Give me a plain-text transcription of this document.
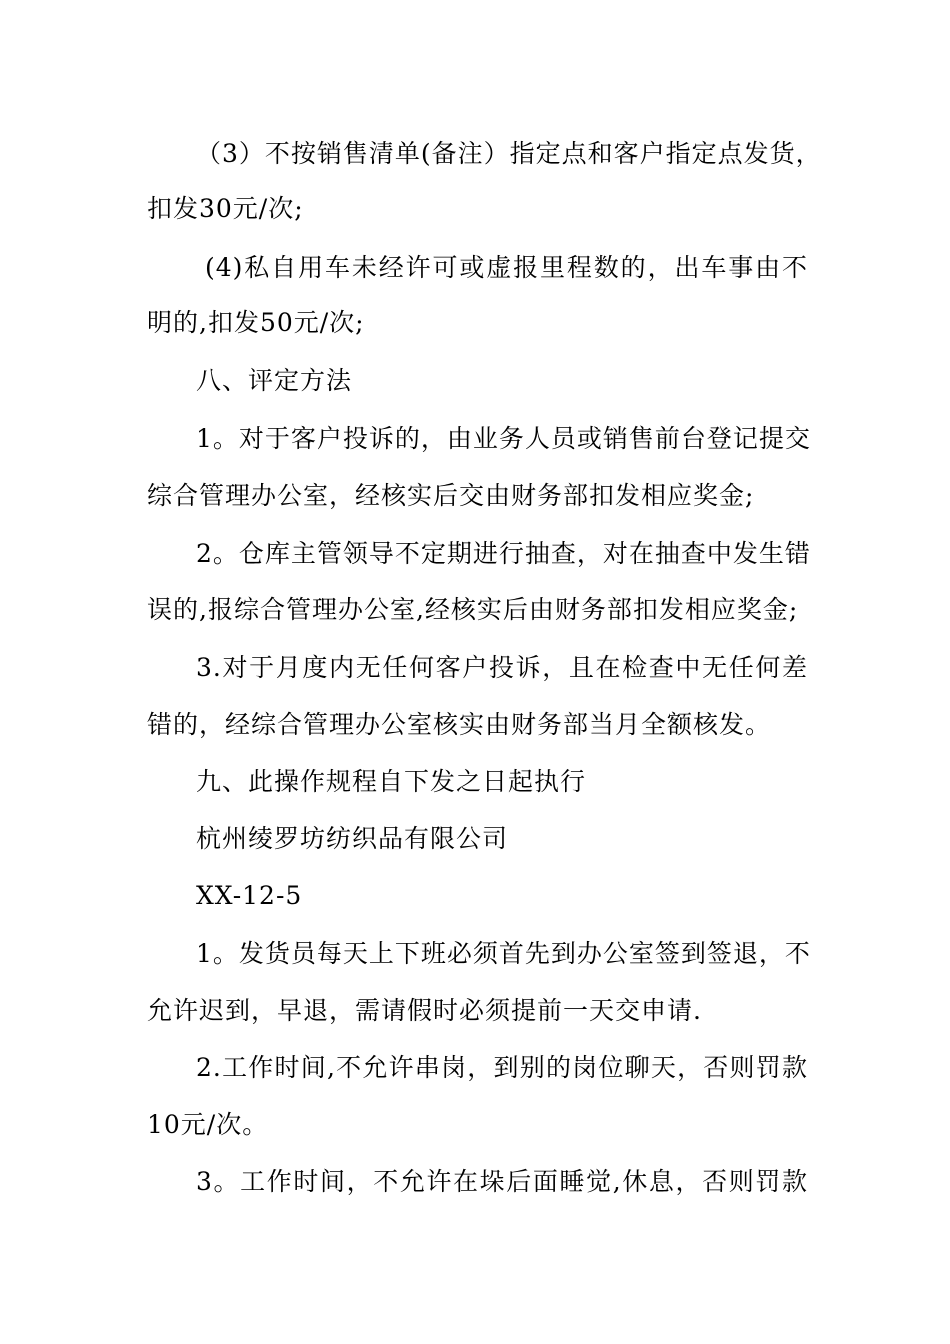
（3）不按销售清单(备注）指定点和客户指定点发货，
扣发30元/次;
(4)私自用车未经许可或虚报里程数的，出车事由不
明的,扣发50元/次;
八、评定方法
1。对于客户投诉的，由业务人员或销售前台登记提交
综合管理办公室，经核实后交由财务部扣发相应奖金;
2。仓库主管领导不定期进行抽查，对在抽查中发生错
误的,报综合管理办公室,经核实后由财务部扣发相应奖金;
3.对于月度内无任何客户投诉，且在检查中无任何差
错的，经综合管理办公室核实由财务部当月全额核发。
九、此操作规程自下发之日起执行
杭州绫罗坊纺织品有限公司
XX-12-5
1。发货员每天上下班必须首先到办公室签到签退，不
允许迟到，早退，需请假时必须提前一天交申请.
2.工作时间,不允许串岗，到别的岗位聊天，否则罚款
10元/次。
3。工作时间，不允许在垛后面睡觉,休息，否则罚款
